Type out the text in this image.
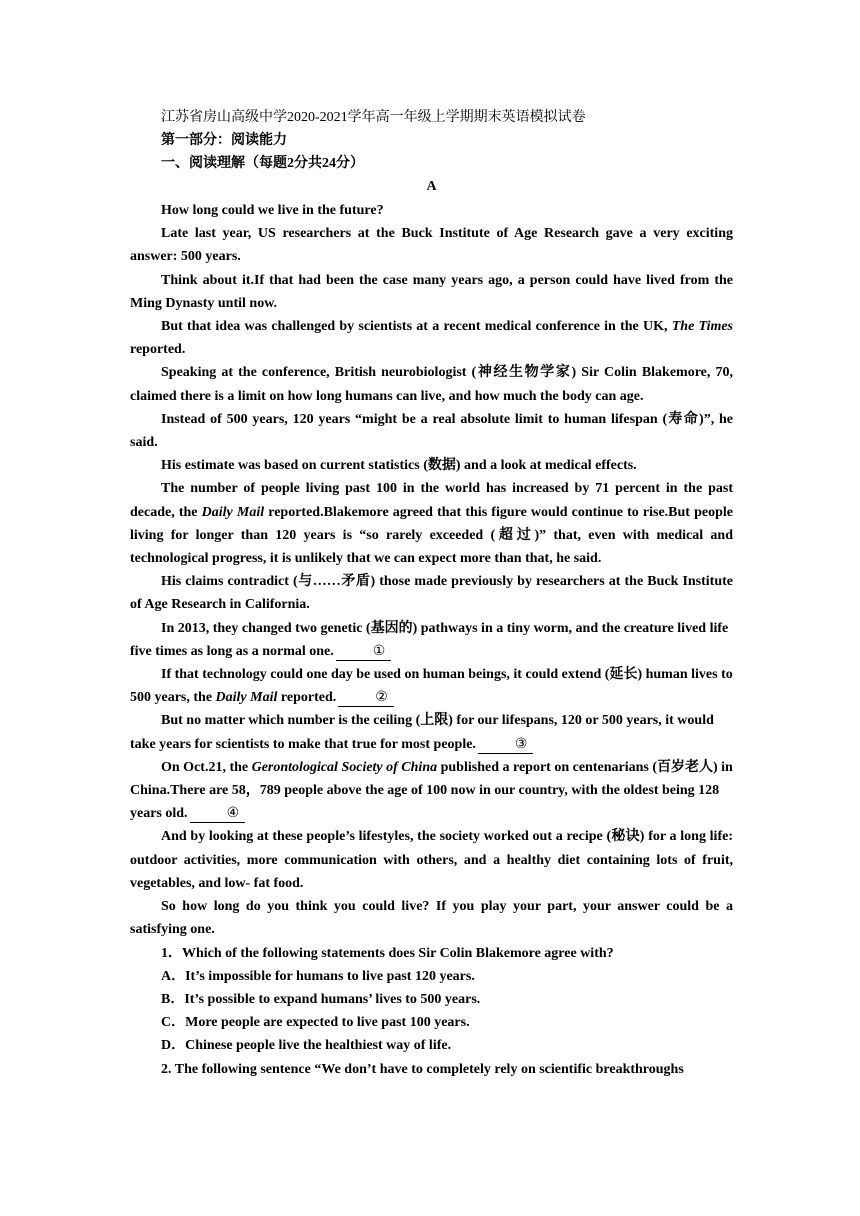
江苏省房山高级中学2020-2021学年高一年级上学期期末英语模拟试卷
第一部分：阅读能力
一、阅读理解（每题2分共24分）
A

How long could we live in the future?

Late last year, US researchers at the Buck Institute of Age Research gave a very exciting answer: 500 years.

Think about it.If that had been the case many years ago, a person could have lived from the Ming Dynasty until now.

But that idea was challenged by scientists at a recent medical conference in the UK, The Times reported.

Speaking at the conference, British neurobiologist (神经生物学家) Sir Colin Blakemore, 70, claimed there is a limit on how long humans can live, and how much the body can age.

Instead of 500 years, 120 years “might be a real absolute limit to human lifespan (寿命)”, he said.

His estimate was based on current statistics (数据) and a look at medical effects.

The number of people living past 100 in the world has increased by 71 percent in the past decade, the Daily Mail reported.Blakemore agreed that this figure would continue to rise.But people living for longer than 120 years is “so rarely exceeded (超过)” that, even with medical and technological progress, it is unlikely that we can expect more than that, he said.

His claims contradict (与……矛盾) those made previously by researchers at the Buck Institute of Age Research in California.

In 2013, they changed two genetic (基因的) pathways in a tiny worm, and the creature lived life five times as long as a normal one.	①

If that technology could one day be used on human beings, it could extend (延长) human lives to 500 years, the Daily Mail reported.	②

But no matter which number is the ceiling (上限) for our lifespans, 120 or 500 years, it would take years for scientists to make that true for most people.	③

On Oct.21, the Gerontological Society of China published a report on centenarians (百岁老人) in China.There are 58，789 people above the age of 100 now in our country, with the oldest being 128 years old.	④

And by looking at these people’s lifestyles, the society worked out a recipe (秘诀) for a long life: outdoor activities, more communication with others, and a healthy diet containing lots of fruit, vegetables, and low- fat food.

So how long do you think you could live? If you play your part, your answer could be a satisfying one.

1．Which of the following statements does Sir Colin Blakemore agree with?

A．It’s impossible for humans to live past 120 years.

B．It’s possible to expand humans’ lives to 500 years.

C．More people are expected to live past 100 years.

D．Chinese people live the healthiest way of life.

2. The following sentence “We don’t have to completely rely on scientific breakthroughs
